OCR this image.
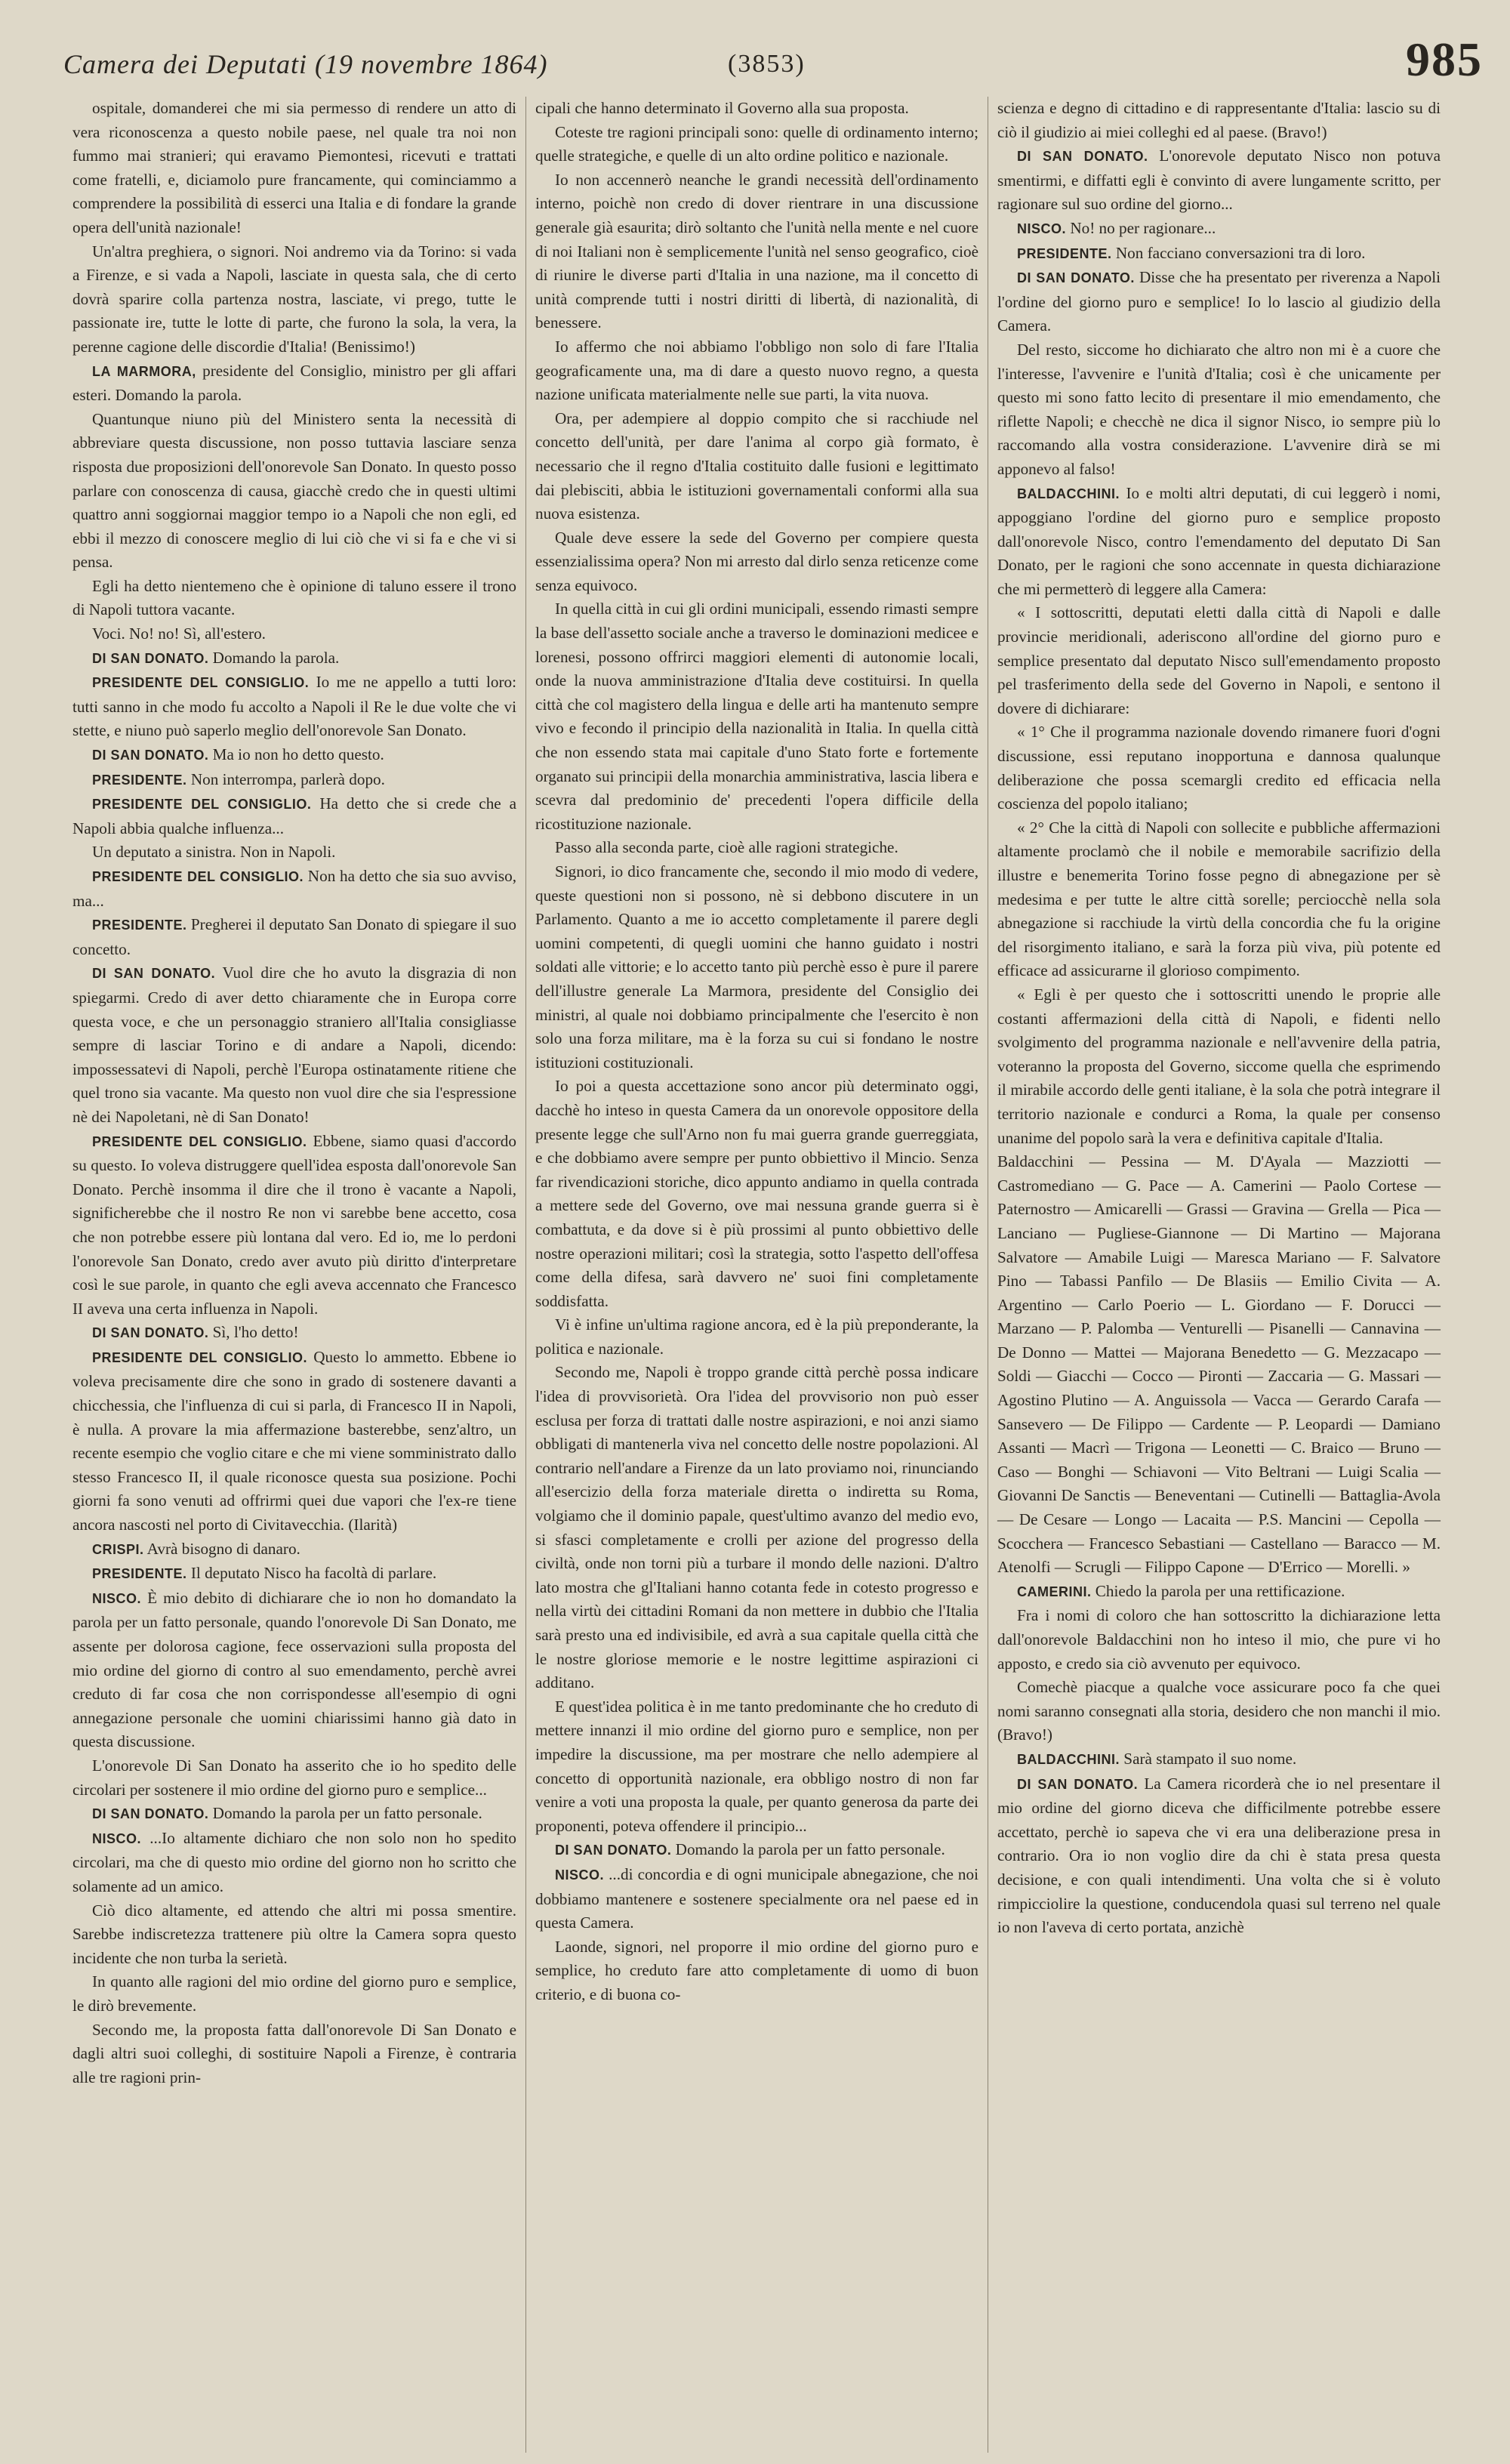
Camera dei Deputati (19 novembre 1864)	(3853)	985

ospitale, domanderei che mi sia permesso di rendere un atto di vera riconoscenza a questo nobile paese, nel quale tra noi non fummo mai stranieri; qui eravamo Piemontesi, ricevuti e trattati come fratelli, e, diciamolo pure francamente, qui cominciammo a comprendere la possibilità di esserci una Italia e di fondare la grande opera dell'unità nazionale!

Un'altra preghiera, o signori. Noi andremo via da Torino: si vada a Firenze, e si vada a Napoli, lasciate in questa sala, che di certo dovrà sparire colla partenza nostra, lasciate, vi prego, tutte le passionate ire, tutte le lotte di parte, che furono la sola, la vera, la perenne cagione delle discordie d'Italia! (Benissimo!)

LA MARMORA, presidente del Consiglio, ministro per gli affari esteri. Domando la parola.

Quantunque niuno più del Ministero senta la necessità di abbreviare questa discussione, non posso tuttavia lasciare senza risposta due proposizioni dell'onorevole San Donato. In questo posso parlare con conoscenza di causa, giacchè credo che in questi ultimi quattro anni soggiornai maggior tempo io a Napoli che non egli, ed ebbi il mezzo di conoscere meglio di lui ciò che vi si fa e che vi si pensa.

Egli ha detto nientemeno che è opinione di taluno essere il trono di Napoli tuttora vacante.

Voci. No! no! Sì, all'estero.

DI SAN DONATO. Domando la parola.

PRESIDENTE DEL CONSIGLIO. Io me ne appello a tutti loro: tutti sanno in che modo fu accolto a Napoli il Re le due volte che vi stette, e niuno può saperlo meglio dell'onorevole San Donato.

DI SAN DONATO. Ma io non ho detto questo.

PRESIDENTE. Non interrompa, parlerà dopo.

PRESIDENTE DEL CONSIGLIO. Ha detto che si crede che a Napoli abbia qualche influenza...

Un deputato a sinistra. Non in Napoli.

PRESIDENTE DEL CONSIGLIO. Non ha detto che sia suo avviso, ma...

PRESIDENTE. Pregherei il deputato San Donato di spiegare il suo concetto.

DI SAN DONATO. Vuol dire che ho avuto la disgrazia di non spiegarmi. Credo di aver detto chiaramente che in Europa corre questa voce, e che un personaggio straniero all'Italia consigliasse sempre di lasciar Torino e di andare a Napoli, dicendo: impossessatevi di Napoli, perchè l'Europa ostinatamente ritiene che quel trono sia vacante. Ma questo non vuol dire che sia l'espressione nè dei Napoletani, nè di San Donato!

PRESIDENTE DEL CONSIGLIO. Ebbene, siamo quasi d'accordo su questo. Io voleva distruggere quell'idea esposta dall'onorevole San Donato. Perchè insomma il dire che il trono è vacante a Napoli, significherebbe che il nostro Re non vi sarebbe bene accetto, cosa che non potrebbe essere più lontana dal vero. Ed io, me lo perdoni l'onorevole San Donato, credo aver avuto più diritto d'interpretare così le sue parole, in quanto che egli aveva accennato che Francesco II aveva una certa influenza in Napoli.

DI SAN DONATO. Sì, l'ho detto!

PRESIDENTE DEL CONSIGLIO. Questo lo ammetto. Ebbene io voleva precisamente dire che sono in grado di sostenere davanti a chicchessia, che l'influenza di cui si parla, di Francesco II in Napoli, è nulla. A provare la mia affermazione basterebbe, senz'altro, un recente esempio che voglio citare e che mi viene somministrato dallo stesso Francesco II, il quale riconosce questa sua posizione. Pochi giorni fa sono venuti ad offrirmi quei due vapori che l'ex-re tiene ancora nascosti nel porto di Civitavecchia. (Ilarità)

CRISPI. Avrà bisogno di danaro.

PRESIDENTE. Il deputato Nisco ha facoltà di parlare.

NISCO. È mio debito di dichiarare che io non ho domandato la parola per un fatto personale, quando l'onorevole Di San Donato, me assente per dolorosa cagione, fece osservazioni sulla proposta del mio ordine del giorno di contro al suo emendamento, perchè avrei creduto di far cosa che non corrispondesse all'esempio di ogni annegazione personale che uomini chiarissimi hanno già dato in questa discussione.

L'onorevole Di San Donato ha asserito che io ho spedito delle circolari per sostenere il mio ordine del giorno puro e semplice...

DI SAN DONATO. Domando la parola per un fatto personale.

NISCO. ...Io altamente dichiaro che non solo non ho spedito circolari, ma che di questo mio ordine del giorno non ho scritto che solamente ad un amico.

Ciò dico altamente, ed attendo che altri mi possa smentire. Sarebbe indiscretezza trattenere più oltre la Camera sopra questo incidente che non turba la serietà.

In quanto alle ragioni del mio ordine del giorno puro e semplice, le dirò brevemente.

Secondo me, la proposta fatta dall'onorevole Di San Donato e dagli altri suoi colleghi, di sostituire Napoli a Firenze, è contraria alle tre ragioni prin-

cipali che hanno determinato il Governo alla sua proposta.

Coteste tre ragioni principali sono: quelle di ordinamento interno; quelle strategiche, e quelle di un alto ordine politico e nazionale.

Io non accennerò neanche le grandi necessità dell'ordinamento interno, poichè non credo di dover rientrare in una discussione generale già esaurita; dirò soltanto che l'unità nella mente e nel cuore di noi Italiani non è semplicemente l'unità nel senso geografico, cioè di riunire le diverse parti d'Italia in una nazione, ma il concetto di unità comprende tutti i nostri diritti di libertà, di nazionalità, di benessere.

Io affermo che noi abbiamo l'obbligo non solo di fare l'Italia geograficamente una, ma di dare a questo nuovo regno, a questa nazione unificata materialmente nelle sue parti, la vita nuova.

Ora, per adempiere al doppio compito che si racchiude nel concetto dell'unità, per dare l'anima al corpo già formato, è necessario che il regno d'Italia costituito dalle fusioni e legittimato dai plebisciti, abbia le istituzioni governamentali conformi alla sua nuova esistenza.

Quale deve essere la sede del Governo per compiere questa essenzialissima opera? Non mi arresto dal dirlo senza reticenze come senza equivoco.

In quella città in cui gli ordini municipali, essendo rimasti sempre la base dell'assetto sociale anche a traverso le dominazioni medicee e lorenesi, possono offrirci maggiori elementi di autonomie locali, onde la nuova amministrazione d'Italia deve costituirsi. In quella città che col magistero della lingua e delle arti ha mantenuto sempre vivo e fecondo il principio della nazionalità in Italia. In quella città che non essendo stata mai capitale d'uno Stato forte e fortemente organato sui principii della monarchia amministrativa, lascia libera e scevra dal predominio de' precedenti l'opera difficile della ricostituzione nazionale.

Passo alla seconda parte, cioè alle ragioni strategiche.

Signori, io dico francamente che, secondo il mio modo di vedere, queste questioni non si possono, nè si debbono discutere in un Parlamento. Quanto a me io accetto completamente il parere degli uomini competenti, di quegli uomini che hanno guidato i nostri soldati alle vittorie; e lo accetto tanto più perchè esso è pure il parere dell'illustre generale La Marmora, presidente del Consiglio dei ministri, al quale noi dobbiamo principalmente che l'esercito è non solo una forza militare, ma è la forza su cui si fondano le nostre istituzioni costituzionali.

Io poi a questa accettazione sono ancor più determinato oggi, dacchè ho inteso in questa Camera da un onorevole oppositore della presente legge che sull'Arno non fu mai guerra grande guerreggiata, e che dobbiamo avere sempre per punto obbiettivo il Mincio. Senza far rivendicazioni storiche, dico appunto andiamo in quella contrada a mettere sede del Governo, ove mai nessuna grande guerra si è combattuta, e da dove si è più prossimi al punto obbiettivo delle nostre operazioni militari; così la strategia, sotto l'aspetto dell'offesa come della difesa, sarà davvero ne' suoi fini completamente soddisfatta.

Vi è infine un'ultima ragione ancora, ed è la più preponderante, la politica e nazionale.

Secondo me, Napoli è troppo grande città perchè possa indicare l'idea di provvisorietà. Ora l'idea del provvisorio non può esser esclusa per forza di trattati dalle nostre aspirazioni, e noi anzi siamo obbligati di mantenerla viva nel concetto delle nostre popolazioni. Al contrario nell'andare a Firenze da un lato proviamo noi, rinunciando all'esercizio della forza materiale diretta o indiretta su Roma, volgiamo che il dominio papale, quest'ultimo avanzo del medio evo, si sfasci completamente e crolli per azione del progresso della civiltà, onde non torni più a turbare il mondo delle nazioni. D'altro lato mostra che gl'Italiani hanno cotanta fede in cotesto progresso e nella virtù dei cittadini Romani da non mettere in dubbio che l'Italia sarà presto una ed indivisibile, ed avrà a sua capitale quella città che le nostre gloriose memorie e le nostre legittime aspirazioni ci additano.

E quest'idea politica è in me tanto predominante che ho creduto di mettere innanzi il mio ordine del giorno puro e semplice, non per impedire la discussione, ma per mostrare che nello adempiere al concetto di opportunità nazionale, era obbligo nostro di non far venire a voti una proposta la quale, per quanto generosa da parte dei proponenti, poteva offendere il principio...

DI SAN DONATO. Domando la parola per un fatto personale.

NISCO. ...di concordia e di ogni municipale abnegazione, che noi dobbiamo mantenere e sostenere specialmente ora nel paese ed in questa Camera.

Laonde, signori, nel proporre il mio ordine del giorno puro e semplice, ho creduto fare atto completamente di uomo di buon criterio, e di buona co-

scienza e degno di cittadino e di rappresentante d'Italia: lascio su di ciò il giudizio ai miei colleghi ed al paese. (Bravo!)

DI SAN DONATO. L'onorevole deputato Nisco non potuva smentirmi, e diffatti egli è convinto di avere lungamente scritto, per ragionare sul suo ordine del giorno...

NISCO. No! no per ragionare...

PRESIDENTE. Non facciano conversazioni tra di loro.

DI SAN DONATO. Disse che ha presentato per riverenza a Napoli l'ordine del giorno puro e semplice! Io lo lascio al giudizio della Camera.

Del resto, siccome ho dichiarato che altro non mi è a cuore che l'interesse, l'avvenire e l'unità d'Italia; così è che unicamente per questo mi sono fatto lecito di presentare il mio emendamento, che riflette Napoli; e checchè ne dica il signor Nisco, io sempre più lo raccomando alla vostra considerazione. L'avvenire dirà se mi apponevo al falso!

BALDACCHINI. Io e molti altri deputati, di cui leggerò i nomi, appoggiano l'ordine del giorno puro e semplice proposto dall'onorevole Nisco, contro l'emendamento del deputato Di San Donato, per le ragioni che sono accennate in questa dichiarazione che mi permetterò di leggere alla Camera:

« I sottoscritti, deputati eletti dalla città di Napoli e dalle provincie meridionali, aderiscono all'ordine del giorno puro e semplice presentato dal deputato Nisco sull'emendamento proposto pel trasferimento della sede del Governo in Napoli, e sentono il dovere di dichiarare:

« 1° Che il programma nazionale dovendo rimanere fuori d'ogni discussione, essi reputano inopportuna e dannosa qualunque deliberazione che possa scemargli credito ed efficacia nella coscienza del popolo italiano;

« 2° Che la città di Napoli con sollecite e pubbliche affermazioni altamente proclamò che il nobile e memorabile sacrifizio della illustre e benemerita Torino fosse pegno di abnegazione per sè medesima e per tutte le altre città sorelle; perciocchè nella sola abnegazione si racchiude la virtù della concordia che fu la origine del risorgimento italiano, e sarà la forza più viva, più potente ed efficace ad assicurarne il glorioso compimento.

« Egli è per questo che i sottoscritti unendo le proprie alle costanti affermazioni della città di Napoli, e fidenti nello svolgimento del programma nazionale e nell'avvenire della patria, voteranno la proposta del Governo, siccome quella che esprimendo il mirabile accordo delle genti italiane, è la sola che potrà integrare il territorio nazionale e condurci a Roma, la quale per consenso unanime del popolo sarà la vera e definitiva capitale d'Italia.

Baldacchini — Pessina — M. D'Ayala — Mazziotti — Castromediano — G. Pace — A. Camerini — Paolo Cortese — Paternostro — Amicarelli — Grassi — Gravina — Grella — Pica — Lanciano — Pugliese-Giannone — Di Martino — Majorana Salvatore — Amabile Luigi — Maresca Mariano — F. Salvatore Pino — Tabassi Panfilo — De Blasiis — Emilio Civita — A. Argentino — Carlo Poerio — L. Giordano — F. Dorucci — Marzano — P. Palomba — Venturelli — Pisanelli — Cannavina — De Donno — Mattei — Majorana Benedetto — G. Mezzacapo — Soldi — Giacchi — Cocco — Pironti — Zaccaria — G. Massari — Agostino Plutino — A. Anguissola — Vacca — Gerardo Carafa — Sansevero — De Filippo — Cardente — P. Leopardi — Damiano Assanti — Macrì — Trigona — Leonetti — C. Braico — Bruno — Caso — Bonghi — Schiavoni — Vito Beltrani — Luigi Scalia — Giovanni De Sanctis — Beneventani — Cutinelli — Battaglia-Avola — De Cesare — Longo — Lacaita — P.S. Mancini — Cepolla — Scocchera — Francesco Sebastiani — Castellano — Baracco — M. Atenolfi — Scrugli — Filippo Capone — D'Errico — Morelli. »

CAMERINI. Chiedo la parola per una rettificazione.

Fra i nomi di coloro che han sottoscritto la dichiarazione letta dall'onorevole Baldacchini non ho inteso il mio, che pure vi ho apposto, e credo sia ciò avvenuto per equivoco.

Comechè piacque a qualche voce assicurare poco fa che quei nomi saranno consegnati alla storia, desidero che non manchi il mio. (Bravo!)

BALDACCHINI. Sarà stampato il suo nome.

DI SAN DONATO. La Camera ricorderà che io nel presentare il mio ordine del giorno diceva che difficilmente potrebbe essere accettato, perchè io sapeva che vi era una deliberazione presa in contrario. Ora io non voglio dire da chi è stata presa questa decisione, e con quali intendimenti. Una volta che si è voluto rimpicciolire la questione, conducendola quasi sul terreno nel quale io non l'aveva di certo portata, anzichè
